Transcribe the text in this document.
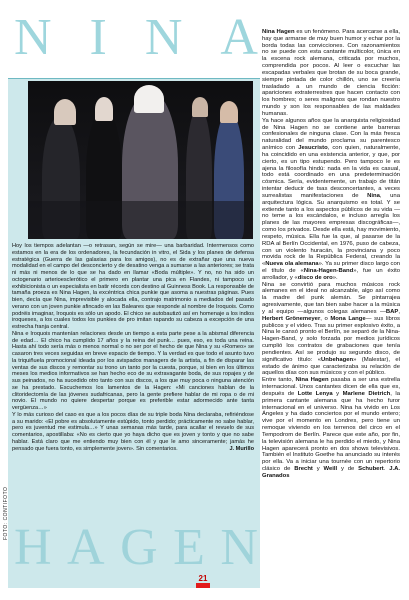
N I N A

Hoy los tiempos adelantan —o retrasan, según se mire— una barbaridad. Intermensos como estamos en la era de los ordenadores, la fecundación in vitro, el Sida y los planes de defensa estratégica (Guerra de las galaxias para los amigos), no es de extrañar que una nueva modalidad en el campo del desconcierto y de desatino venga a sumarse a las anteriores; se trata ni más ni menos de lo que se ha dado en llamar «Boda múltiple». Y no, no ha sido un octogenario arterioesclerótico el primero en plantar una pica en Flandes, ni tampoco un exhibicionista o un especialista en batir récords con destino al Guinness Book. La responsable de tamaña proeza es Nina Hagen, la excéntrica chica punkie que asoma a nuestras páginas. Pues bien, decía que Nina, imprevisible y alocada ella, contrajo matrimonio a mediados del pasado verano con un joven punkie afincado en las Baleares que responde al nombre de Iroquois. Como podréis imaginar, Iroquois es sólo un apodo. El chico se autobautizó así en homenaje a los indios iroqueses, a los cuales todos los punkies de pro imitan rapando su cabeza a excepción de una estrecha franja central.

Nina e Iroquois mantenían relaciones desde un tiempo a esta parte pese a la abismal diferencia de edad… El chico ha cumplido 17 años y la reina del punk… pues, eso, es toda una reina. Hasta ahí todo sería más o menos normal o no ser por el hecho de que Nina y su «Romeo» se casaron tres veces seguidas en breve espacio de tiempo. Y la verdad es que todo el asunto tuvo la triquiñuela promocional ideada por los avispados managers de la artista, a fin de disparar las ventas de sus discos y remontar su trono un tanto por la cuesta, porque, si bien en los últimos meses los medios informativos se han hecho eco de su extravagante boda, de sus ropajes y de sus peinados, no ha sucedido otro tanto con sus discos, a los que muy poca o ninguna atención se ha prestado. Escuchemos los lamentos de la Hagen: «Mi canciones hablan de la clitoridectomía de las jóvenes sudafricanas, pero la gente prefiere hablar de mi ropa o de mi novio. El mundo no quiere despertar porque es preferible estar adormecido ante tanta vergüenza…»

Y lo más curioso del caso es que a los pocos días de su triple boda Nina declaraba, refiriéndose a su marido: «El pobre es absolutamente estúpido, tonto perdido; prácticamente no sabe hablar, pero es juventud me estimula…» Y unas semanas más tarde, para acallar el revuelo de sus comentarios, apostillaba: «No es cierto que yo haya dicho que es joven y tonto y que no sabe hablar. Está claro que me entiendo muy bien con él y que le amo sinceramente; jamás he pensado que fuera tonto, es simplemente joven». Sin comentarios.	J. Murillo

H A G E N
FOTO: CONTIFOTO

Nina Hagen es un fenómeno. Para acercarse a ella, hay que armarse de muy buen humor y echar por la borda todas las convicciones. Con razonamientos no se puede con esta cantante multicolor, única en la escena rock alemana, criticada por muchos, comprendida por pocos. Al leer o escuchar las escapadas verbales que brotan de su boca grande, siempre pintada de color chillón, uno se creería trasladado a un mundo de ciencia ficción: apariciones extraterrestres que hacen contacto con los hombres; o seres malignos que rondan nuestro mundo y son los responsables de las maldades humanas.

Ya hace algunos años que la anarquista religiosidad de Nina Hagen no se contiene ante barreras confesionales de ninguna clase. Con la más fresca naturalidad del mundo proclama su parentesco anímico con Jesucristo, con quien, naturalmente, ha coincidido en una existencia anterior, y que, por cierto, es un tipo estupendo. Pero tampoco le es ajena la filosofía hindú: nada en la vida es casual, todo está coordinado en una predeterminación cósmica. Sería, evidentemente, un trabajo de titán intentar deducir de tsas desconcertantes, a veces surrealistas manifestaciones de Nina, una arquitectura lógica. Su anarquismo es total. Y se extiende tanto a los aspectos públicos de su vida —no teme a los escándalos, e incluso arregla los planes de las mayores empresas discográficas—, como los privados. Desde ella está, hay movimiento, respeto, música. Ella fue la que, al pasarse de la RDA al Berlín Occidental, en 1976, puso de cabeza, con un violento huracán, la provinciana y poco movida rock de la República Federal, creando la «Nueva ola alemana». Ya su primer disco largo con el título de «Nina-Hagen-Band», fue un éxito arrollador, y «disco de oro».

Nina se convirtió para muchos músicos rock alemanes en el ideal no alcanzable, algo así como la madre del punk alemán. Se pintarrajea agresivamente, que tan bien sabe hacer a la música y al equipo —algunos colegas alemanes —BAP, Herbert Grönemeyer, o Mona Lange— sus libros publicos y el video. Tras su primer explosivo éxito, a Nina le cansó pronto el Berlín, se separó de la Nina-Hagen-Band, y solo forzada por medios jurídicos cumplió los contratos de grabaciones que tenía pendientes. Así se produjo su segundo disco, de significativo título: «Unbehagen» (Malestar), el estado de ánimo que caracterizaba su relación de aquellos días con sus músicos y con el público.

Entre tanto, Nina Hagen pasaba a ser una estrella internacional. Unos cantantes dicen de ella que es, después de Lotte Lenya y Marlene Dietrich, la primera cantante alemana que ha hecho furor internacional en el universo. Nina ha vivido en Los Ángeles y ha dado conciertos por el mundo entero; vive por el momento en Londres, pero tiene un remoque viviendo en los terrenos del circo en el Tempodrom de Berlín. Parece que este año, por fin, la televisión alemana le ha perdido el miedo, y Nina Hagen aparecerá pronto en dos shows televisivos. También el Instituto Goethe ha anunciado su interés por ella. Va a iniciar una tournée con un repertorio clásico de Brecht y Weill y de Schubert. J.A. Granados

21
